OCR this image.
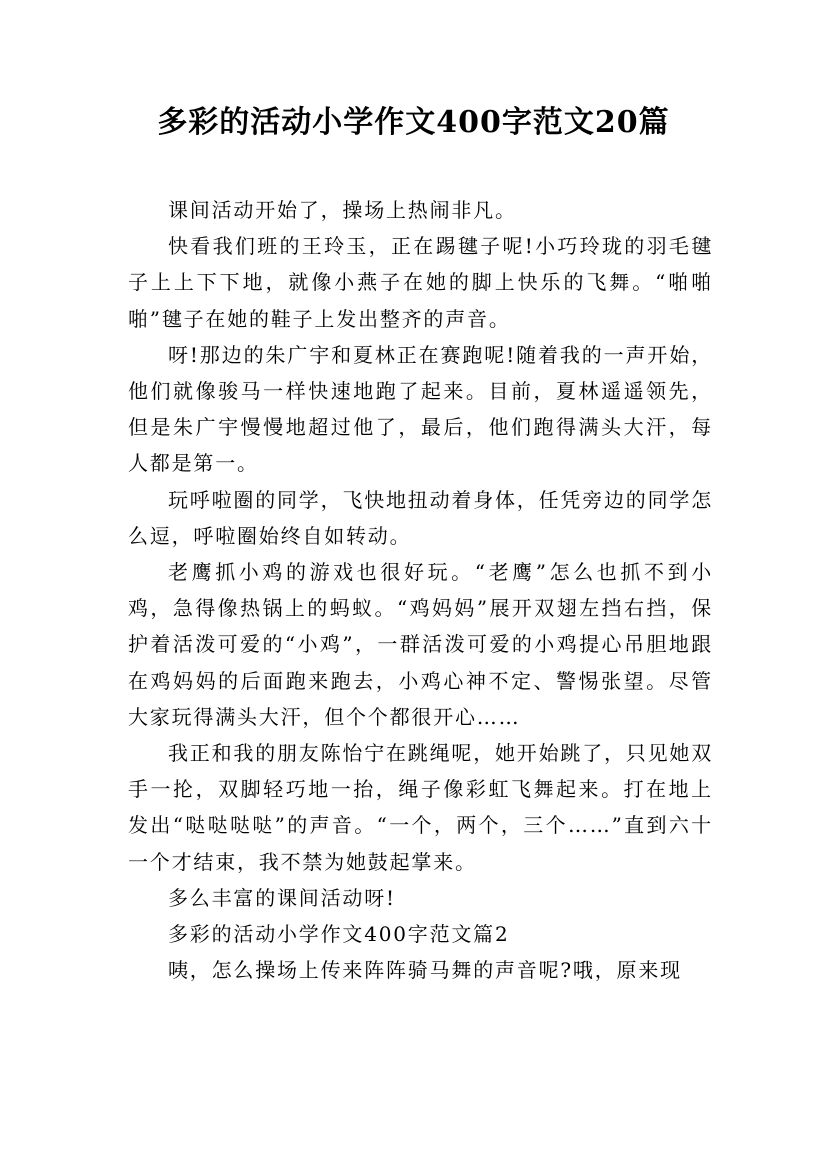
多彩的活动小学作文400字范文20篇

课间活动开始了，操场上热闹非凡。

快看我们班的王玲玉，正在踢毽子呢!小巧玲珑的羽毛毽子上上下下地，就像小燕子在她的脚上快乐的飞舞。“啪啪啪”毽子在她的鞋子上发出整齐的声音。

呀!那边的朱广宇和夏林正在赛跑呢!随着我的一声开始，他们就像骏马一样快速地跑了起来。目前，夏林遥遥领先，但是朱广宇慢慢地超过他了，最后，他们跑得满头大汗，每人都是第一。

玩呼啦圈的同学，飞快地扭动着身体，任凭旁边的同学怎么逗，呼啦圈始终自如转动。

老鹰抓小鸡的游戏也很好玩。“老鹰”怎么也抓不到小鸡，急得像热锅上的蚂蚁。“鸡妈妈”展开双翅左挡右挡，保护着活泼可爱的“小鸡”，一群活泼可爱的小鸡提心吊胆地跟在鸡妈妈的后面跑来跑去，小鸡心神不定、警惕张望。尽管大家玩得满头大汗，但个个都很开心……

我正和我的朋友陈怡宁在跳绳呢，她开始跳了，只见她双手一抡，双脚轻巧地一抬，绳子像彩虹飞舞起来。打在地上发出“哒哒哒哒”的声音。“一个，两个，三个……”直到六十一个才结束，我不禁为她鼓起掌来。

多么丰富的课间活动呀!

多彩的活动小学作文400字范文篇2

咦，怎么操场上传来阵阵骑马舞的声音呢?哦，原来现
